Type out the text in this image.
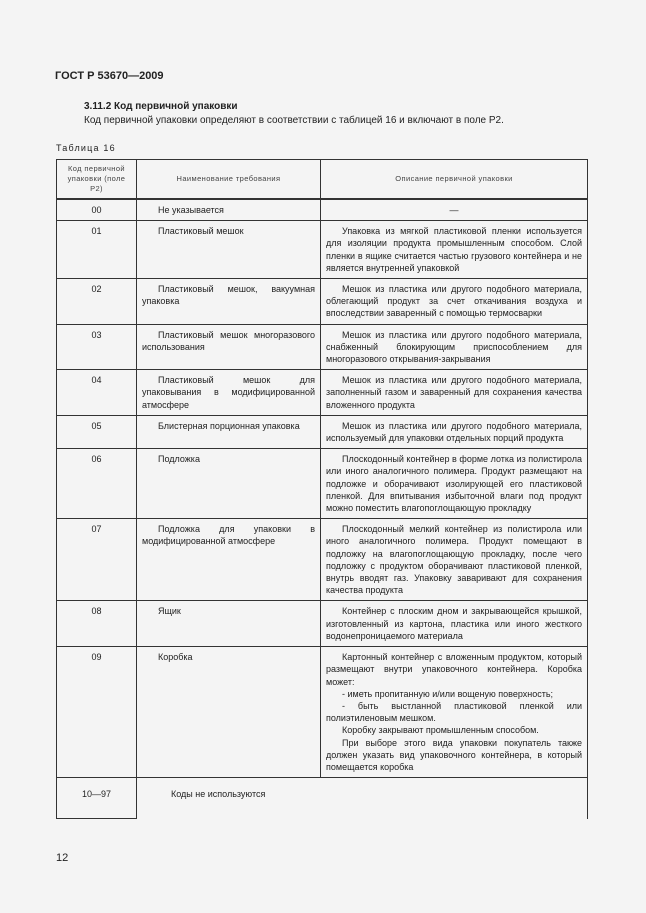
ГОСТ Р 53670—2009
3.11.2 Код первичной упаковки
Код первичной упаковки определяют в соответствии с таблицей 16 и включают в поле Р2.
Таблица 16
Код первичной упаковки (поле Р2)	Наименование требования	Описание первичной упаковки

00	Не указывается	—

01	Пластиковый мешок	Упаковка из мягкой пластиковой пленки используется для изоляции продукта промышленным способом. Слой пленки в ящике считается частью грузового контейнера и не является внутренней упаковкой

02	Пластиковый мешок, вакуумная упаковка	Мешок из пластика или другого подобного материала, облегающий продукт за счет откачивания воздуха и впоследствии заваренный с помощью термосварки

03	Пластиковый мешок многоразового использования	Мешок из пластика или другого подобного материала, снабженный блокирующим приспособлением для многоразового открывания-закрывания

04	Пластиковый мешок для упаковывания в модифицированной атмосфере	Мешок из пластика или другого подобного материала, заполненный газом и заваренный для сохранения качества вложенного продукта

05	Блистерная порционная упаковка	Мешок из пластика или другого подобного материала, используемый для упаковки отдельных порций продукта

06	Подложка	Плоскодонный контейнер в форме лотка из полистирола или иного аналогичного полимера. Продукт размещают на подложке и оборачивают изолирующей его пластиковой пленкой. Для впитывания избыточной влаги под продукт можно поместить влагопоглощающую прокладку

07	Подложка для упаковки в модифицированной атмосфере	Плоскодонный мелкий контейнер из полистирола или иного аналогичного полимера. Продукт помещают в подложку на влагопоглощающую прокладку, после чего подложку с продуктом оборачивают пластиковой пленкой, внутрь вводят газ. Упаковку заваривают для сохранения качества продукта

08	Ящик	Контейнер с плоским дном и закрывающейся крышкой, изготовленный из картона, пластика или иного жесткого водонепроницаемого материала

09	Коробка	Картонный контейнер с вложенным продуктом, который размещают внутри упаковочного контейнера. Коробка может:

- иметь пропитанную и/или вощеную поверхность;

- быть выстланной пластиковой пленкой или полиэтиленовым мешком.

Коробку закрывают промышленным способом.

При выборе этого вида упаковки покупатель также должен указать вид упаковочного контейнера, в который помещается коробка

10—97	Коды не используются	
12
